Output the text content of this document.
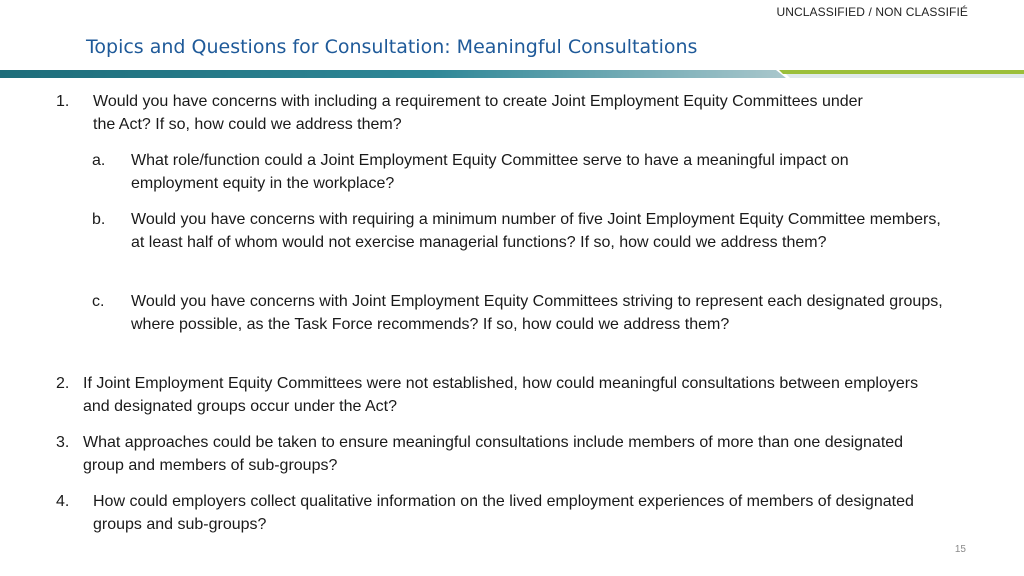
UNCLASSIFIED / NON CLASSIFIÉ
Topics and Questions for Consultation: Meaningful Consultations
1. Would you have concerns with including a requirement to create Joint Employment Equity Committees under the Act? If so, how could we address them?
a. What role/function could a Joint Employment Equity Committee serve to have a meaningful impact on employment equity in the workplace?
b. Would you have concerns with requiring a minimum number of five Joint Employment Equity Committee members, at least half of whom would not exercise managerial functions? If so, how could we address them?
c. Would you have concerns with Joint Employment Equity Committees striving to represent each designated groups, where possible, as the Task Force recommends? If so, how could we address them?
2. If Joint Employment Equity Committees were not established, how could meaningful consultations between employers and designated groups occur under the Act?
3. What approaches could be taken to ensure meaningful consultations include members of more than one designated group and members of sub-groups?
4. How could employers collect qualitative information on the lived employment experiences of members of designated groups and sub-groups?
15
